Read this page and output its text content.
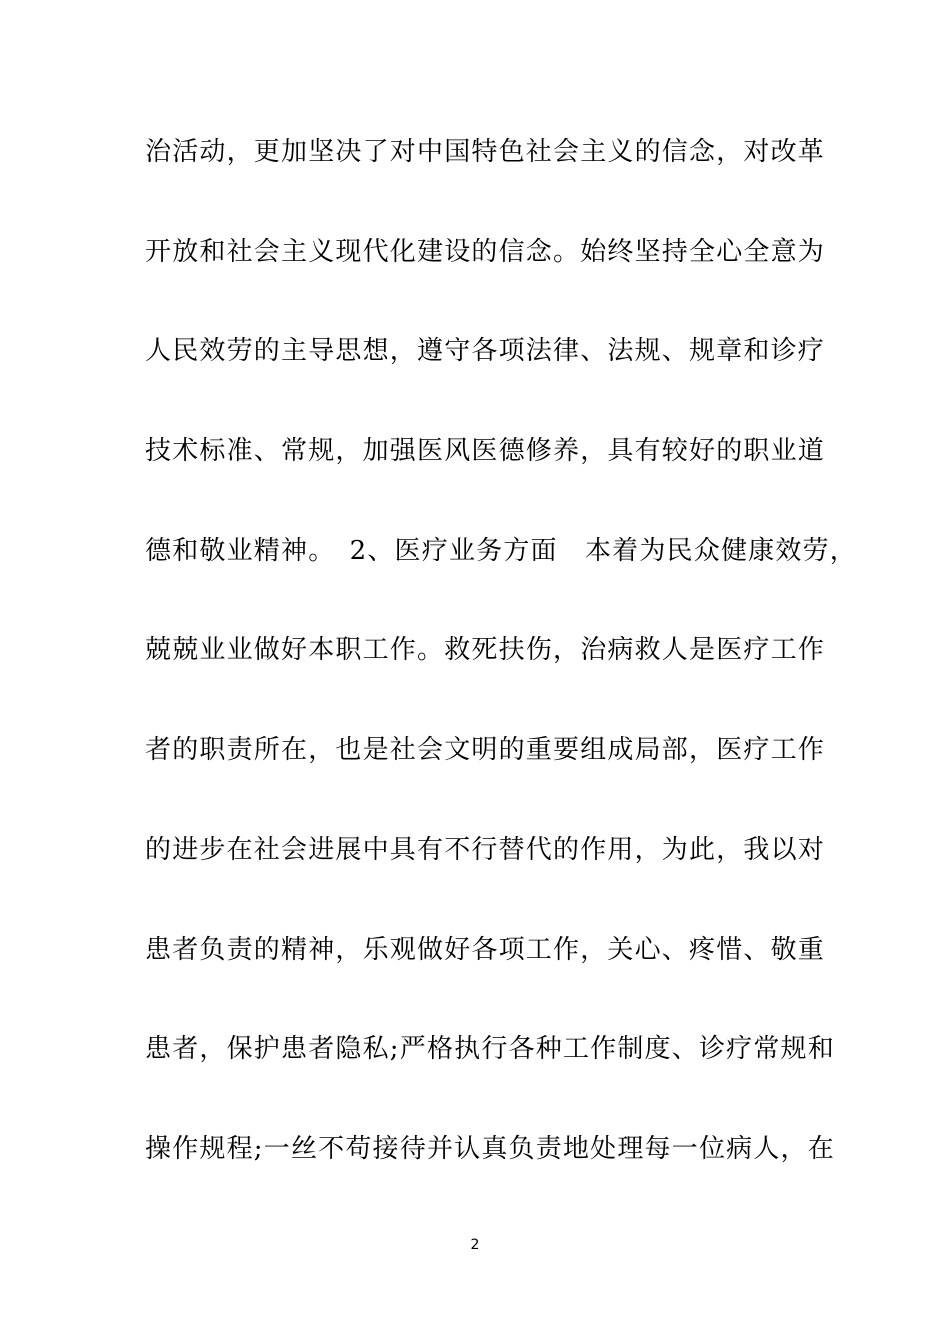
治活动，更加坚决了对中国特色社会主义的信念，对改革
开放和社会主义现代化建设的信念。始终坚持全心全意为
人民效劳的主导思想，遵守各项法律、法规、规章和诊疗
技术标准、常规，加强医风医德修养，具有较好的职业道
德和敬业精神。　2、医疗业务方面　本着为民众健康效劳，
兢兢业业做好本职工作。救死扶伤，治病救人是医疗工作
者的职责所在，也是社会文明的重要组成局部，医疗工作
的进步在社会进展中具有不行替代的作用，为此，我以对
患者负责的精神，乐观做好各项工作，关心、疼惜、敬重
患者，保护患者隐私;严格执行各种工作制度、诊疗常规和
操作规程;一丝不苟接待并认真负责地处理每一位病人，在
2
